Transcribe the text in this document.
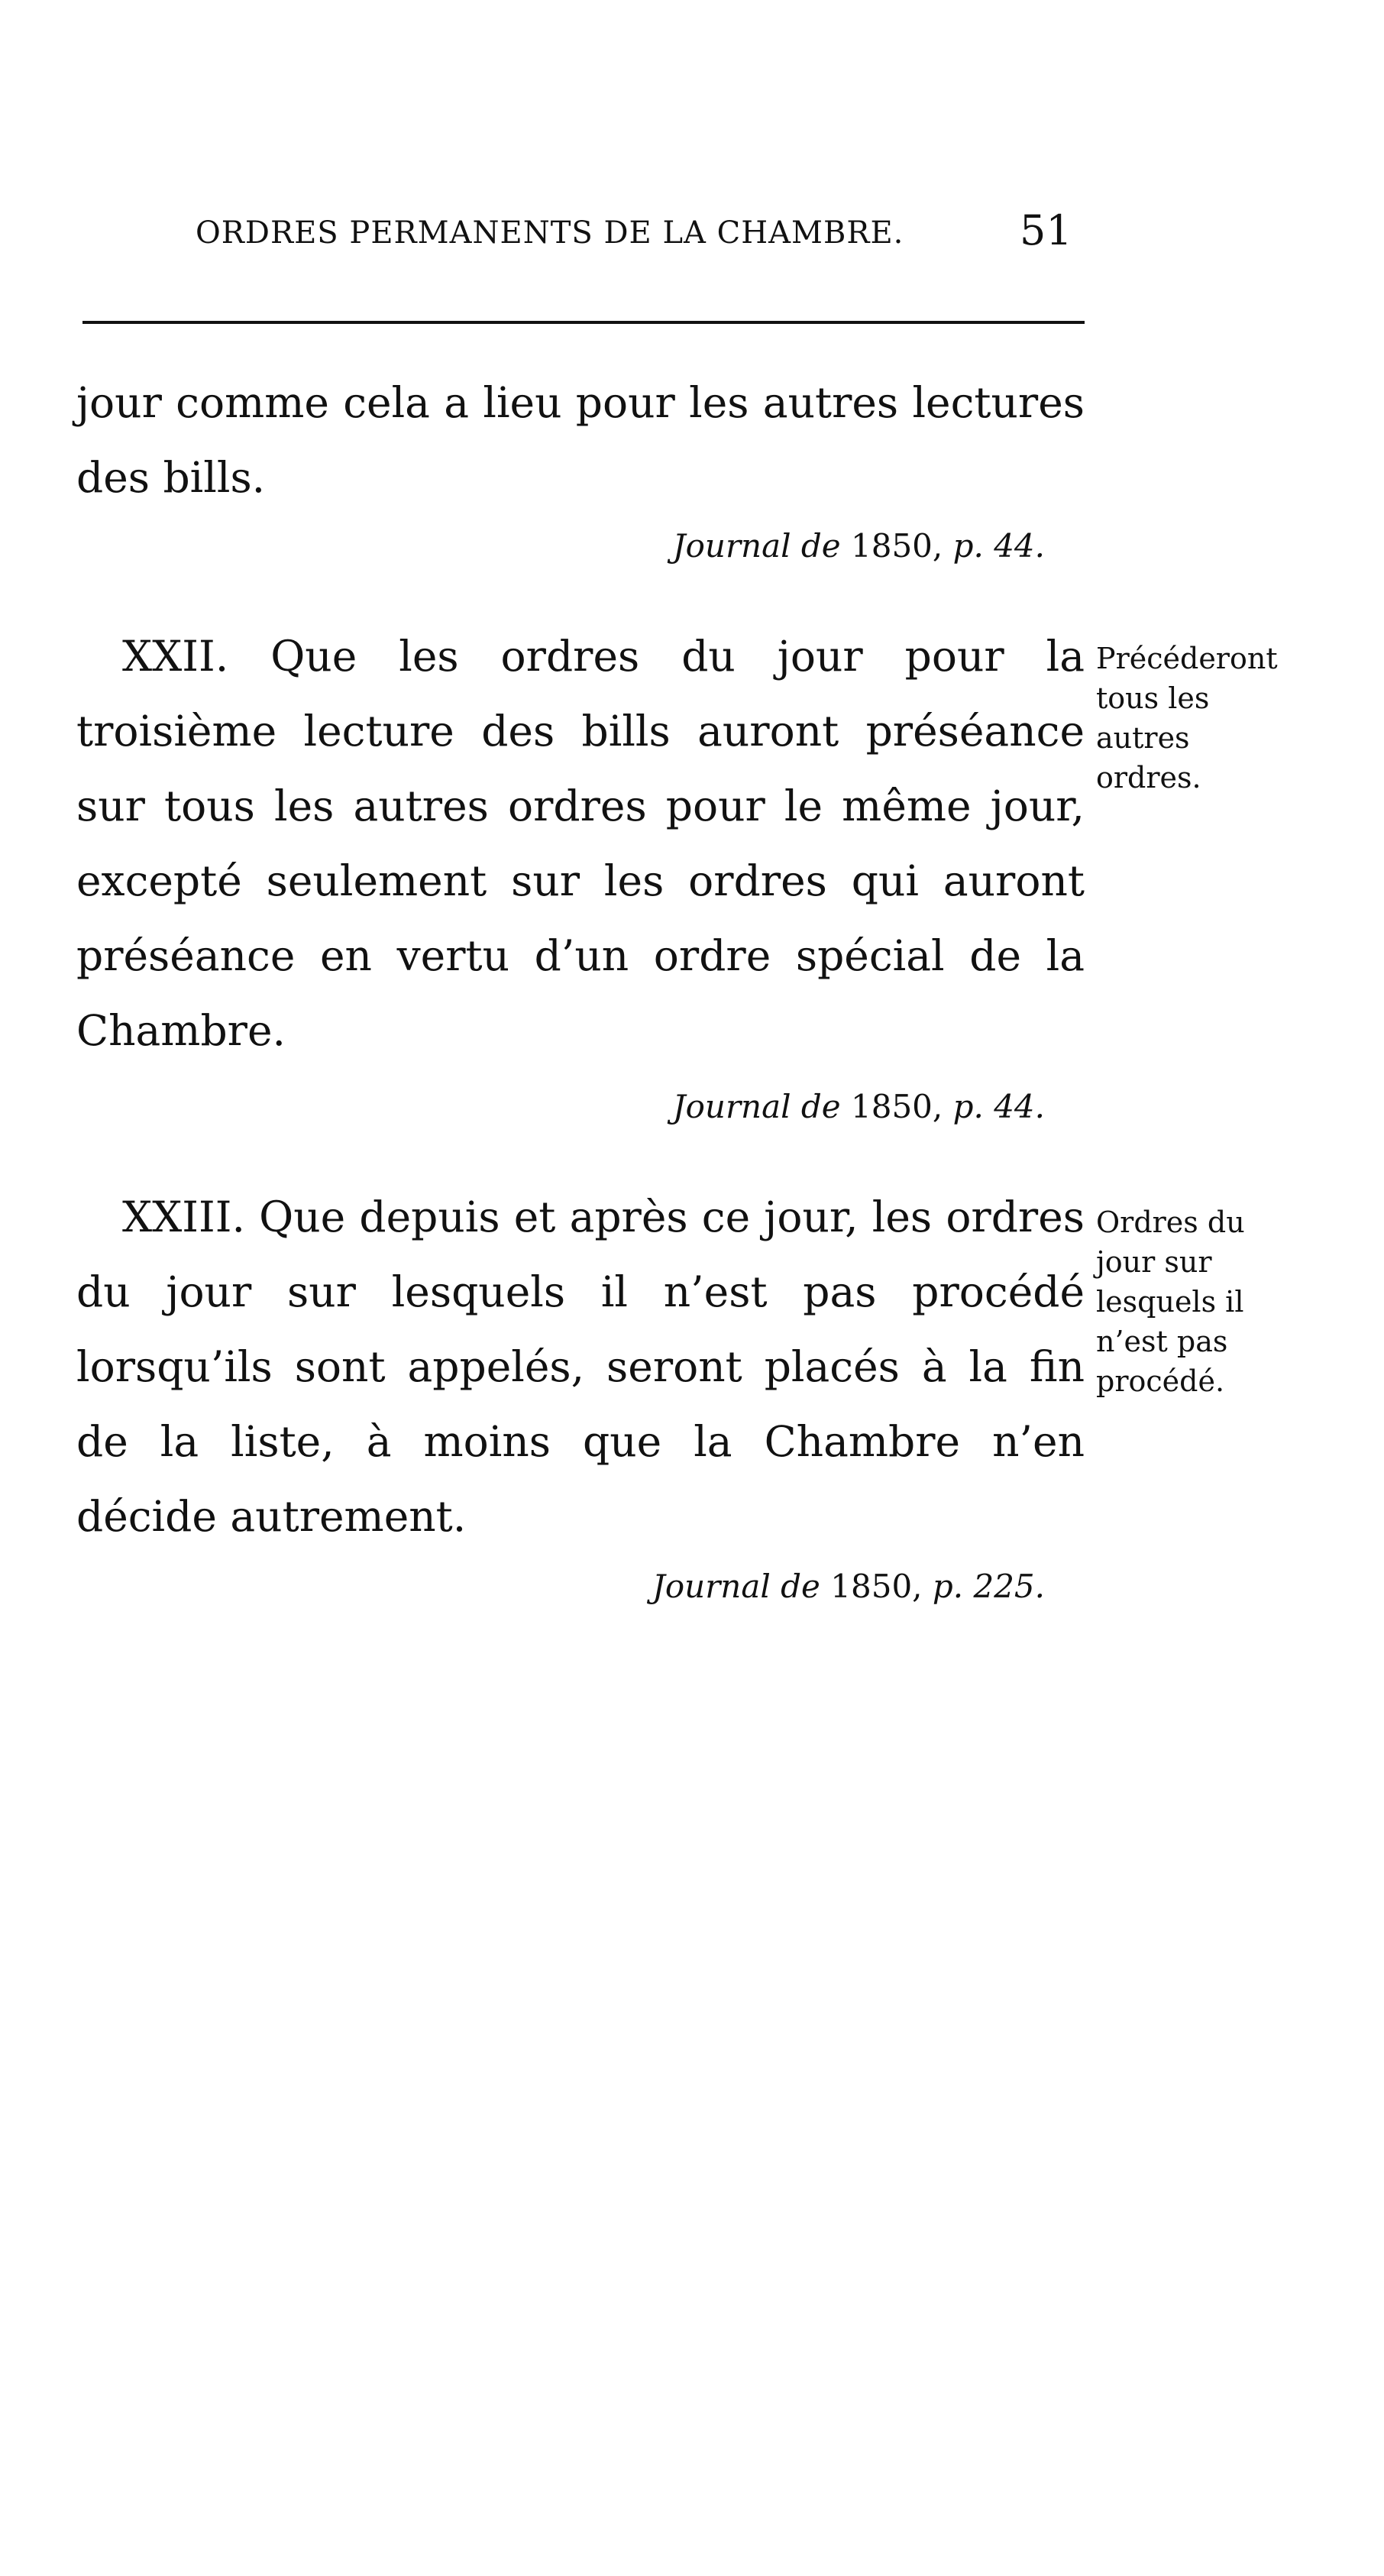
ORDRES PERMANENTS DE LA CHAMBRE.	51

jour comme cela a lieu pour les autres lectures des bills.

Journal de 1850, p. 44.

XXII. Que les ordres du jour pour la troisième lecture des bills auront préséance sur tous les autres ordres pour le même jour, excepté seulement sur les ordres qui auront préséance en vertu d’un ordre spécial de la Chambre.

Précéderont tous les autres ordres.

Journal de 1850, p. 44.

XXIII. Que depuis et après ce jour, les ordres du jour sur lesquels il n’est pas procédé lorsqu’ils sont appelés, seront placés à la fin de la liste, à moins que la Chambre n’en décide autrement.

Ordres du jour sur lesquels il n’est pas procédé.

Journal de 1850, p. 225.
